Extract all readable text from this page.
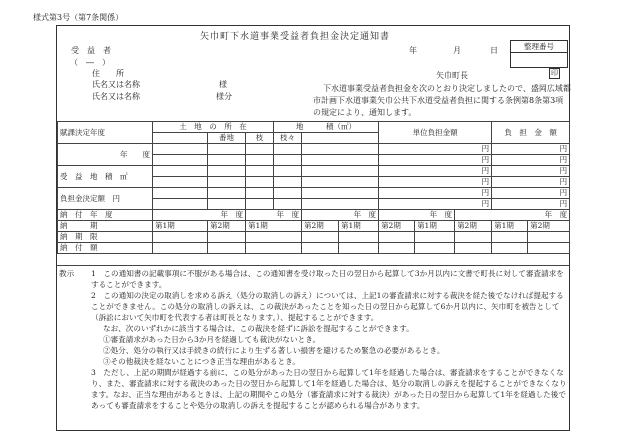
様式第3号（第7条関係）
矢巾町下水道事業受益者負担金決定通知書
受　益　者
（　―　）
住　　所
氏名又は名称	様
氏名又は名称	様分
年	月	日	整理番号
矢巾町長	印
下水道事業受益者負担金を次のとおり決定しましたので、盛岡広域都市計画下水道事業矢巾公共下水道受益者負担に関する条例第8条第3項の規定により、通知します。
賦課決定年度	土　地　の　所　在			地　　　積（㎡）			単位負担金額			負　担　金　額	
		番地	枝	枝々							
年　　度							円			円	
							円			円	
受　益　地　積　㎡							円			円	
							円			円	
負担金決定額　円							円			円	
							円			円	
納　付　年　度	年　度		年　度		年　度		年　度		年　度		
納　　　期	第1期	第2期	第1期		第2期	第1期	第2期	第1期	第2期	第1期	第2期
納　期　限											
納　付　額											
教示 1　この通知書の記載事項に不服がある場合は、この通知書を受け取った日の翌日から起算して3か月以内に文書で町長に対して審査請求をすることができます。
2　この通知の決定の取消しを求める訴え（処分の取消しの訴え）については、上記1の審査請求に対する裁決を経た後でなければ提起することができません。この処分の取消しの訴えは、この裁決があったことを知った日の翌日から起算して6か月以内に、矢巾町を被告として（訴訟において矢巾町を代表する者は町長となります。）、提起することができます。
なお、次のいずれかに該当する場合は、この裁決を経ずに訴訟を提起することができます。
①審査請求があった日から3か月を経過しても裁決がないとき。
②処分、処分の執行又は手続きの続行により生ずる著しい損害を避けるため緊急の必要があるとき。
③その他裁決を経ないことにつき正当な理由があるとき。
3　ただし、上記の期間が経過する前に、この処分があった日の翌日から起算して1年を経過した場合は、審査請求をすることができなくなり、また、審査請求に対する裁決のあった日の翌日から起算して1年を経過した場合は、処分の取消しの訴えを提起することができなくなります。なお、正当な理由があるときは、上記の期間やこの処分（審査請求に対する裁決）があった日の翌日から起算して1年を経過した後であっても審査請求をすることや処分の取消しの訴えを提起することが認められる場合があります。
